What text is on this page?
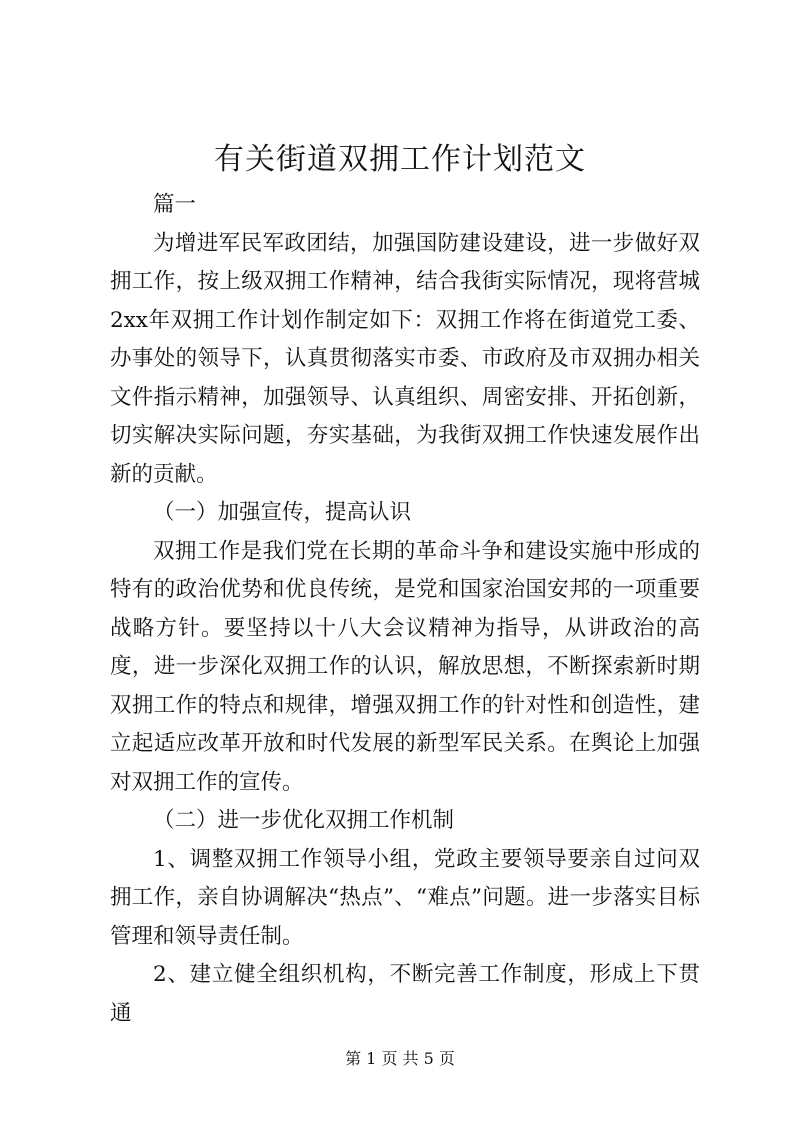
有关街道双拥工作计划范文

篇一

为增进军民军政团结，加强国防建设建设，进一步做好双拥工作，按上级双拥工作精神，结合我街实际情况，现将营城2xx年双拥工作计划作制定如下：双拥工作将在街道党工委、办事处的领导下，认真贯彻落实市委、市政府及市双拥办相关文件指示精神，加强领导、认真组织、周密安排、开拓创新，切实解决实际问题，夯实基础，为我街双拥工作快速发展作出新的贡献。

（一）加强宣传，提高认识

双拥工作是我们党在长期的革命斗争和建设实施中形成的特有的政治优势和优良传统，是党和国家治国安邦的一项重要战略方针。要坚持以十八大会议精神为指导，从讲政治的高度，进一步深化双拥工作的认识，解放思想，不断探索新时期双拥工作的特点和规律，增强双拥工作的针对性和创造性，建立起适应改革开放和时代发展的新型军民关系。在舆论上加强对双拥工作的宣传。

（二）进一步优化双拥工作机制

1、调整双拥工作领导小组，党政主要领导要亲自过问双拥工作，亲自协调解决“热点”、“难点”问题。进一步落实目标管理和领导责任制。

2、建立健全组织机构，不断完善工作制度，形成上下贯通

第 1 页 共 5 页
